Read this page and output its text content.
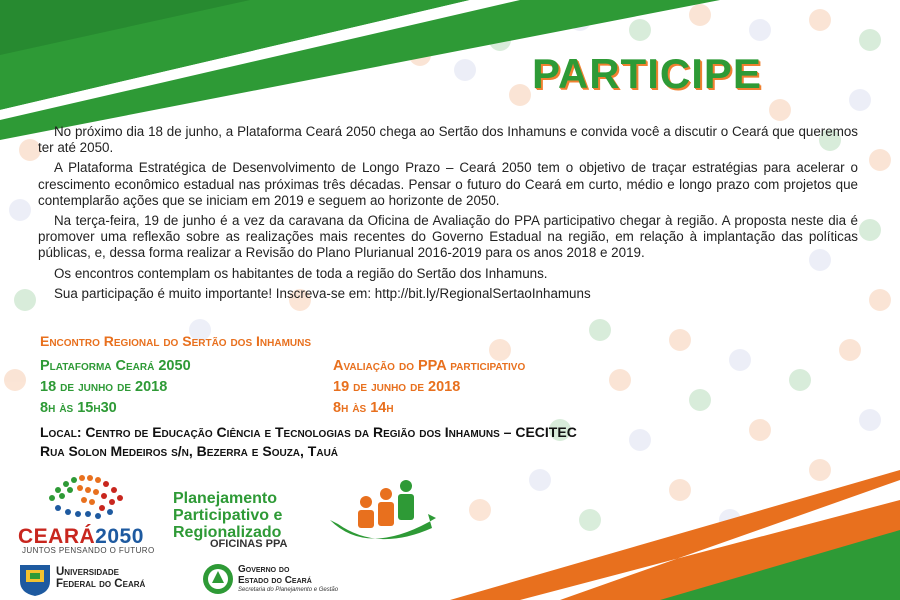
PARTICIPE

No próximo dia 18 de junho, a Plataforma Ceará 2050 chega ao Sertão dos Inhamuns e convida você a discutir o Ceará que queremos ter até 2050.

A Plataforma Estratégica de Desenvolvimento de Longo Prazo – Ceará 2050 tem o objetivo de traçar estratégias para acelerar o crescimento econômico estadual nas próximas três décadas. Pensar o futuro do Ceará em curto, médio e longo prazo com projetos que contemplarão ações que se iniciam em 2019 e seguem ao horizonte de 2050.

Na terça-feira, 19 de junho é a vez da caravana da Oficina de Avaliação do PPA participativo chegar à região. A proposta neste dia é promover uma reflexão sobre as realizações mais recentes do Governo Estadual na região, em relação à implantação das políticas públicas, e, dessa forma realizar a Revisão do Plano Plurianual 2016-2019 para os anos 2018 e 2019.

Os encontros contemplam os habitantes de toda a região do Sertão dos Inhamuns.

Sua participação é muito importante! Inscreva-se em: http://bit.ly/RegionalSertaoInhamuns

Encontro Regional do Sertão dos Inhamuns
Plataforma Ceará 2050
18 de junho de 2018
8h às 15h30
Avaliação do PPA participativo
19 de junho de 2018
8h às 14h
Local: Centro de Educação Ciência e Tecnologias da Região dos Inhamuns – CECITEC
Rua Solon Medeiros s/n, Bezerra e Souza, Tauá
CEARÁ2050
JUNTOS PENSANDO O FUTURO
Planejamento
Participativo e
Regionalizado
OFICINAS PPA
Universidade
Federal do Ceará
Governo do
Estado do Ceará
Secretaria do Planejamento e Gestão
